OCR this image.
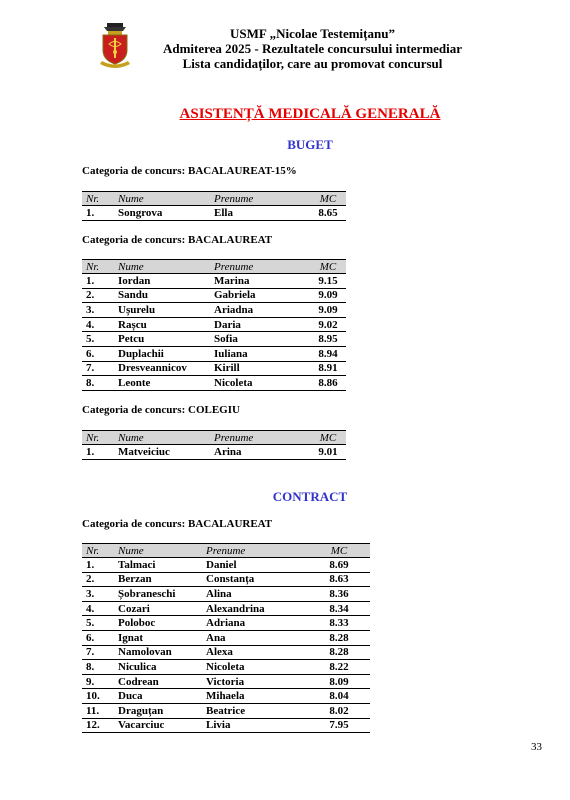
USMF „Nicolae Testemițanu”
Admiterea 2025 - Rezultatele concursului intermediar
Lista candidaților, care au promovat concursul
ASISTENȚĂ MEDICALĂ GENERALĂ
BUGET
Categoria de concurs: BACALAUREAT-15%
Nr.	Nume	Prenume	MC
1.	Songrova	Ella	8.65
Categoria de concurs: BACALAUREAT
Nr.	Nume	Prenume	MC
1.	Iordan	Marina	9.15
2.	Sandu	Gabriela	9.09
3.	Ușurelu	Ariadna	9.09
4.	Rașcu	Daria	9.02
5.	Petcu	Sofia	8.95
6.	Duplachii	Iuliana	8.94
7.	Dresveannicov	Kirill	8.91
8.	Leonte	Nicoleta	8.86
Categoria de concurs: COLEGIU
Nr.	Nume	Prenume	MC
1.	Matveiciuc	Arina	9.01
CONTRACT
Categoria de concurs: BACALAUREAT
Nr.	Nume	Prenume	MC
1.	Talmaci	Daniel	8.69
2.	Berzan	Constanța	8.63
3.	Șobraneschi	Alina	8.36
4.	Cozari	Alexandrina	8.34
5.	Poloboc	Adriana	8.33
6.	Ignat	Ana	8.28
7.	Namolovan	Alexa	8.28
8.	Niculica	Nicoleta	8.22
9.	Codrean	Victoria	8.09
10.	Duca	Mihaela	8.04
11.	Draguțan	Beatrice	8.02
12.	Vacarciuc	Livia	7.95
33
